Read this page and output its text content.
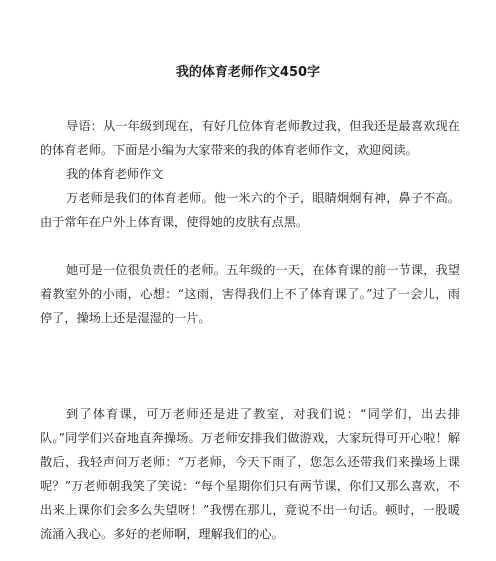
我的体育老师作文450字

导语：从一年级到现在，有好几位体育老师教过我，但我还是最喜欢现在的体育老师。下面是小编为大家带来的我的体育老师作文，欢迎阅读。

我的体育老师作文

万老师是我们的体育老师。他一米六的个子，眼睛炯炯有神，鼻子不高。由于常年在户外上体育课，使得她的皮肤有点黑。

她可是一位很负责任的老师。五年级的一天，在体育课的前一节课，我望着教室外的小雨，心想：“这雨，害得我们上不了体育课了。”过了一会儿，雨停了，操场上还是湿湿的一片。

到了体育课，可万老师还是进了教室，对我们说：“同学们，出去排队。”同学们兴奋地直奔操场。万老师安排我们做游戏，大家玩得可开心啦！解散后，我轻声问万老师：“万老师，今天下雨了，您怎么还带我们来操场上课呢？”万老师朝我笑了笑说：“每个星期你们只有两节课，你们又那么喜欢，不出来上课你们会多么失望呀！”我愣在那儿，竟说不出一句话。顿时，一股暖流涌入我心。多好的老师啊，理解我们的心。
